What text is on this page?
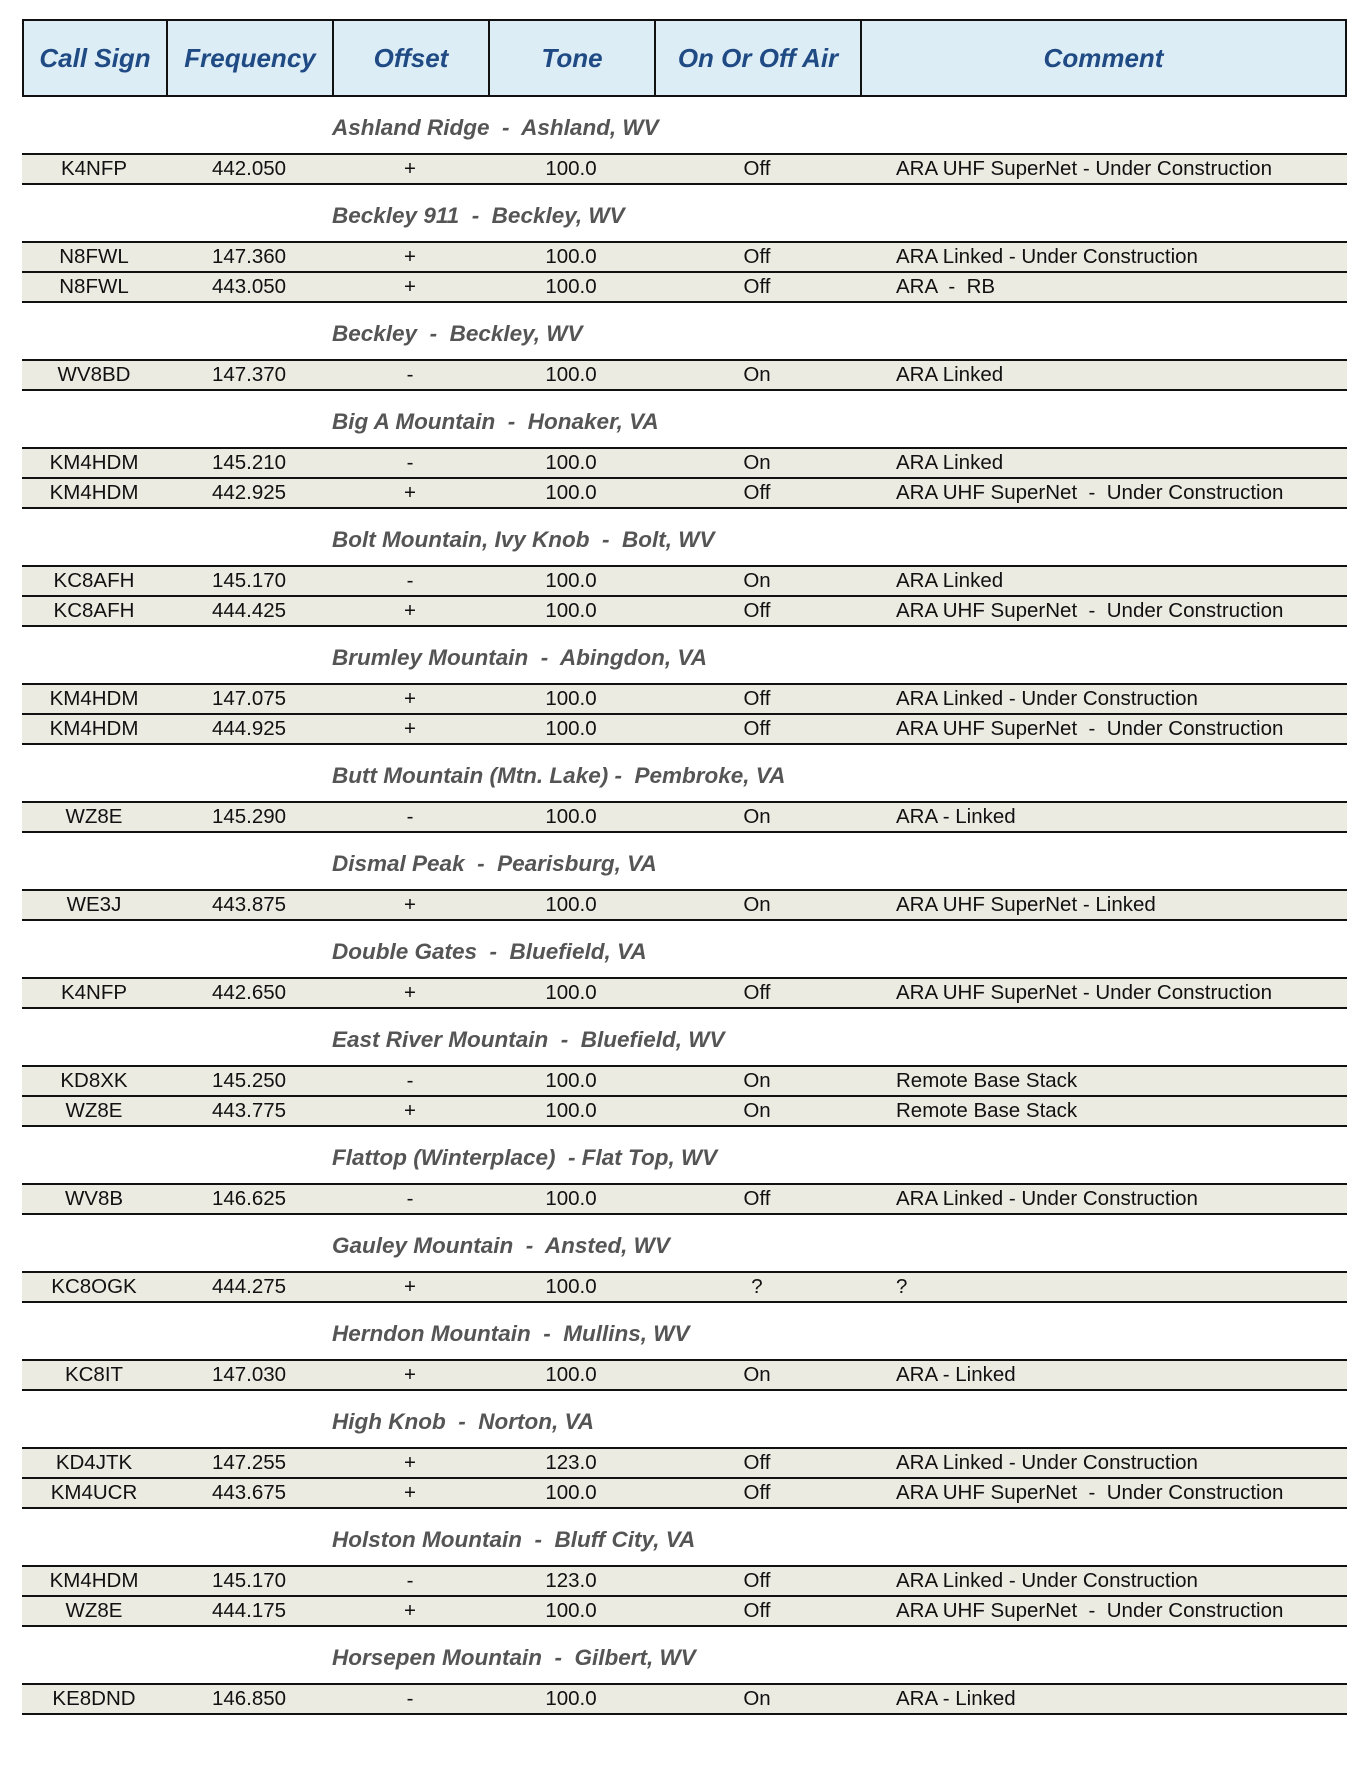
Call Sign	Frequency	Offset	Tone	On Or Off Air	Comment
Ashland Ridge  -  Ashland, WV
K4NFP	442.050	+	100.0	Off	ARA UHF SuperNet - Under Construction
Beckley 911  -  Beckley, WV
N8FWL	147.360	+	100.0	Off	ARA Linked - Under Construction
N8FWL	443.050	+	100.0	Off	ARA  -  RB
Beckley  -  Beckley, WV
WV8BD	147.370	-	100.0	On	ARA Linked
Big A Mountain  -  Honaker, VA
KM4HDM	145.210	-	100.0	On	ARA Linked
KM4HDM	442.925	+	100.0	Off	ARA UHF SuperNet  -  Under Construction
Bolt Mountain, Ivy Knob  -  Bolt, WV
KC8AFH	145.170	-	100.0	On	ARA Linked
KC8AFH	444.425	+	100.0	Off	ARA UHF SuperNet  -  Under Construction
Brumley Mountain  -  Abingdon, VA
KM4HDM	147.075	+	100.0	Off	ARA Linked - Under Construction
KM4HDM	444.925	+	100.0	Off	ARA UHF SuperNet  -  Under Construction
Butt Mountain (Mtn. Lake) -  Pembroke, VA
WZ8E	145.290	-	100.0	On	ARA - Linked
Dismal Peak  -  Pearisburg, VA
WE3J	443.875	+	100.0	On	ARA UHF SuperNet - Linked
Double Gates  -  Bluefield, VA
K4NFP	442.650	+	100.0	Off	ARA UHF SuperNet - Under Construction
East River Mountain  -  Bluefield, WV
KD8XK	145.250	-	100.0	On	Remote Base Stack
WZ8E	443.775	+	100.0	On	Remote Base Stack
Flattop (Winterplace)  - Flat Top, WV
WV8B	146.625	-	100.0	Off	ARA Linked - Under Construction
Gauley Mountain  -  Ansted, WV
KC8OGK	444.275	+	100.0	?	?
Herndon Mountain  -  Mullins, WV
KC8IT	147.030	+	100.0	On	ARA - Linked
High Knob  -  Norton, VA
KD4JTK	147.255	+	123.0	Off	ARA Linked - Under Construction
KM4UCR	443.675	+	100.0	Off	ARA UHF SuperNet  -  Under Construction
Holston Mountain  -  Bluff City, VA
KM4HDM	145.170	-	123.0	Off	ARA Linked - Under Construction
WZ8E	444.175	+	100.0	Off	ARA UHF SuperNet  -  Under Construction
Horsepen Mountain  -  Gilbert, WV
KE8DND	146.850	-	100.0	On	ARA - Linked
